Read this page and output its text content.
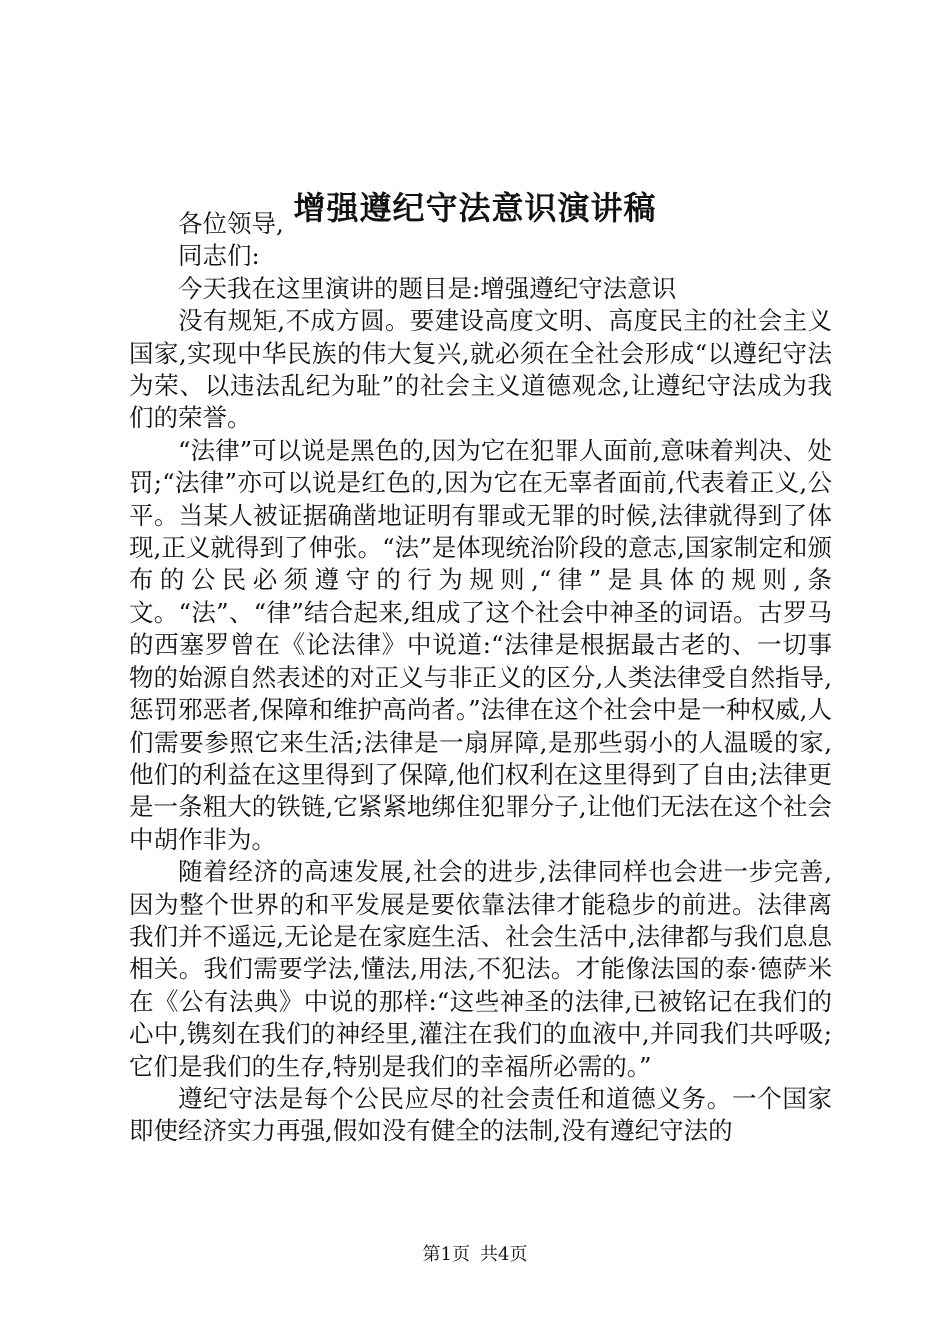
增强遵纪守法意识演讲稿

各位领导,

同志们:

今天我在这里演讲的题目是:增强遵纪守法意识

没有规矩,不成方圆。要建设高度文明、高度民主的社会主义国家,实现中华民族的伟大复兴,就必须在全社会形成“以遵纪守法为荣、以违法乱纪为耻”的社会主义道德观念,让遵纪守法成为我们的荣誉。

“法律”可以说是黑色的,因为它在犯罪人面前,意味着判决、处罚;“法律”亦可以说是红色的,因为它在无辜者面前,代表着正义,公平。当某人被证据确凿地证明有罪或无罪的时候,法律就得到了体现,正义就得到了伸张。“法”是体现统治阶段的意志,国家制定和颁布的公民必须遵守的行为规则,“律”是具体的规则,条文。“法”、“律”结合起来,组成了这个社会中神圣的词语。古罗马的西塞罗曾在《论法律》中说道:“法律是根据最古老的、一切事物的始源自然表述的对正义与非正义的区分,人类法律受自然指导,惩罚邪恶者,保障和维护高尚者。”法律在这个社会中是一种权威,人们需要参照它来生活;法律是一扇屏障,是那些弱小的人温暖的家,他们的利益在这里得到了保障,他们权利在这里得到了自由;法律更是一条粗大的铁链,它紧紧地绑住犯罪分子,让他们无法在这个社会中胡作非为。

随着经济的高速发展,社会的进步,法律同样也会进一步完善,因为整个世界的和平发展是要依靠法律才能稳步的前进。法律离我们并不遥远,无论是在家庭生活、社会生活中,法律都与我们息息相关。我们需要学法,懂法,用法,不犯法。才能像法国的泰·德萨米在《公有法典》中说的那样:“这些神圣的法律,已被铭记在我们的心中,镌刻在我们的神经里,灌注在我们的血液中,并同我们共呼吸;它们是我们的生存,特别是我们的幸福所必需的。”

遵纪守法是每个公民应尽的社会责任和道德义务。一个国家即使经济实力再强,假如没有健全的法制,没有遵纪守法的

第1页 共4页
